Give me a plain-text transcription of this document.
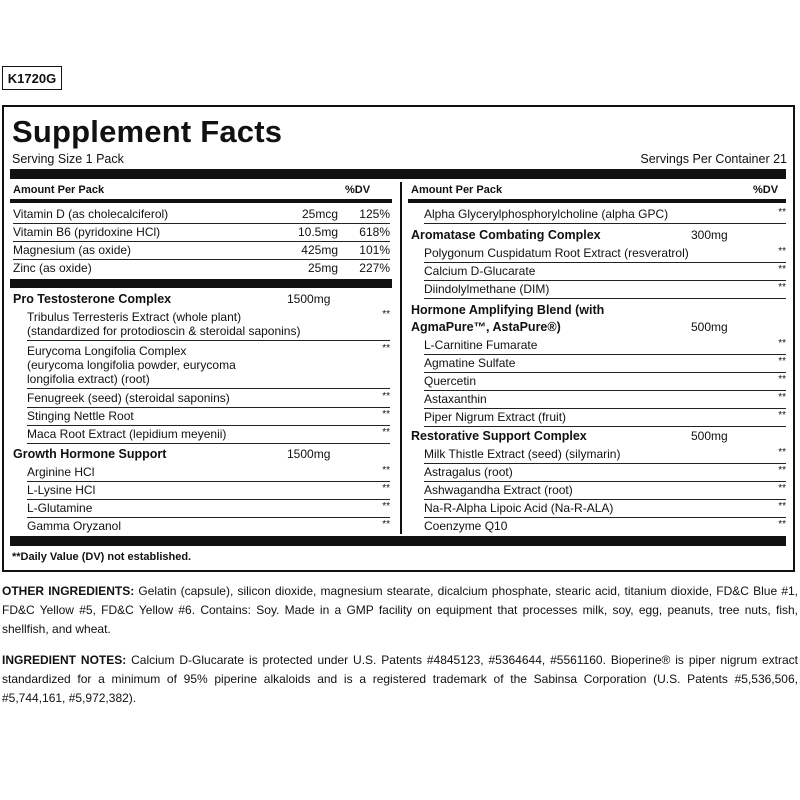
K1720G
Supplement Facts
Serving Size 1 Pack	Servings Per Container 21
Amount Per Pack	%DV	Amount Per Pack	%DV
Vitamin D (as cholecalciferol)	25mcg 125%
Vitamin B6 (pyridoxine HCl)	10.5mg 618%
Magnesium (as oxide)	425mg 101%
Zinc (as oxide)	25mg 227%
Pro Testosterone Complex	1500mg
Tribulus Terresteris Extract (whole plant)
(standardized for protodioscin & steroidal saponins)
**
Eurycoma Longifolia Complex
(eurycoma longifolia powder, eurycoma
longifolia extract) (root)
**
Fenugreek (seed) (steroidal saponins)	**
Stinging Nettle Root	**
Maca Root Extract (lepidium meyenii)	**
Growth Hormone Support	1500mg
Arginine HCl	**
L-Lysine HCl	**
L-Glutamine	**
Gamma Oryzanol	**
Alpha Glycerylphosphorylcholine (alpha GPC)	**
Aromatase Combating Complex	300mg
Polygonum Cuspidatum Root Extract (resveratrol)	**
Calcium D-Glucarate	**
Diindolylmethane (DIM)	**
Hormone Amplifying Blend (with
AgmaPure™, AstaPure®)	500mg
L-Carnitine Fumarate	**
Agmatine Sulfate	**
Quercetin	**
Astaxanthin	**
Piper Nigrum Extract (fruit)	**
Restorative Support Complex	500mg
Milk Thistle Extract (seed) (silymarin)	**
Astragalus (root)	**
Ashwagandha Extract (root)	**
Na-R-Alpha Lipoic Acid (Na-R-ALA)	**
Coenzyme Q10	**
**Daily Value (DV) not established.
OTHER INGREDIENTS: Gelatin (capsule), silicon dioxide, magnesium stearate, dicalcium phosphate, stearic acid, titanium dioxide, FD&C Blue #1, FD&C Yellow #5, FD&C Yellow #6. Contains: Soy. Made in a GMP facility on equipment that processes milk, soy, egg, peanuts, tree nuts, fish, shellfish, and wheat.
INGREDIENT NOTES: Calcium D-Glucarate is protected under U.S. Patents #4845123, #5364644, #5561160. Bioperine® is piper nigrum extract standardized for a minimum of 95% piperine alkaloids and is a registered trademark of the Sabinsa Corporation (U.S. Patents #5,536,506, #5,744,161, #5,972,382).
